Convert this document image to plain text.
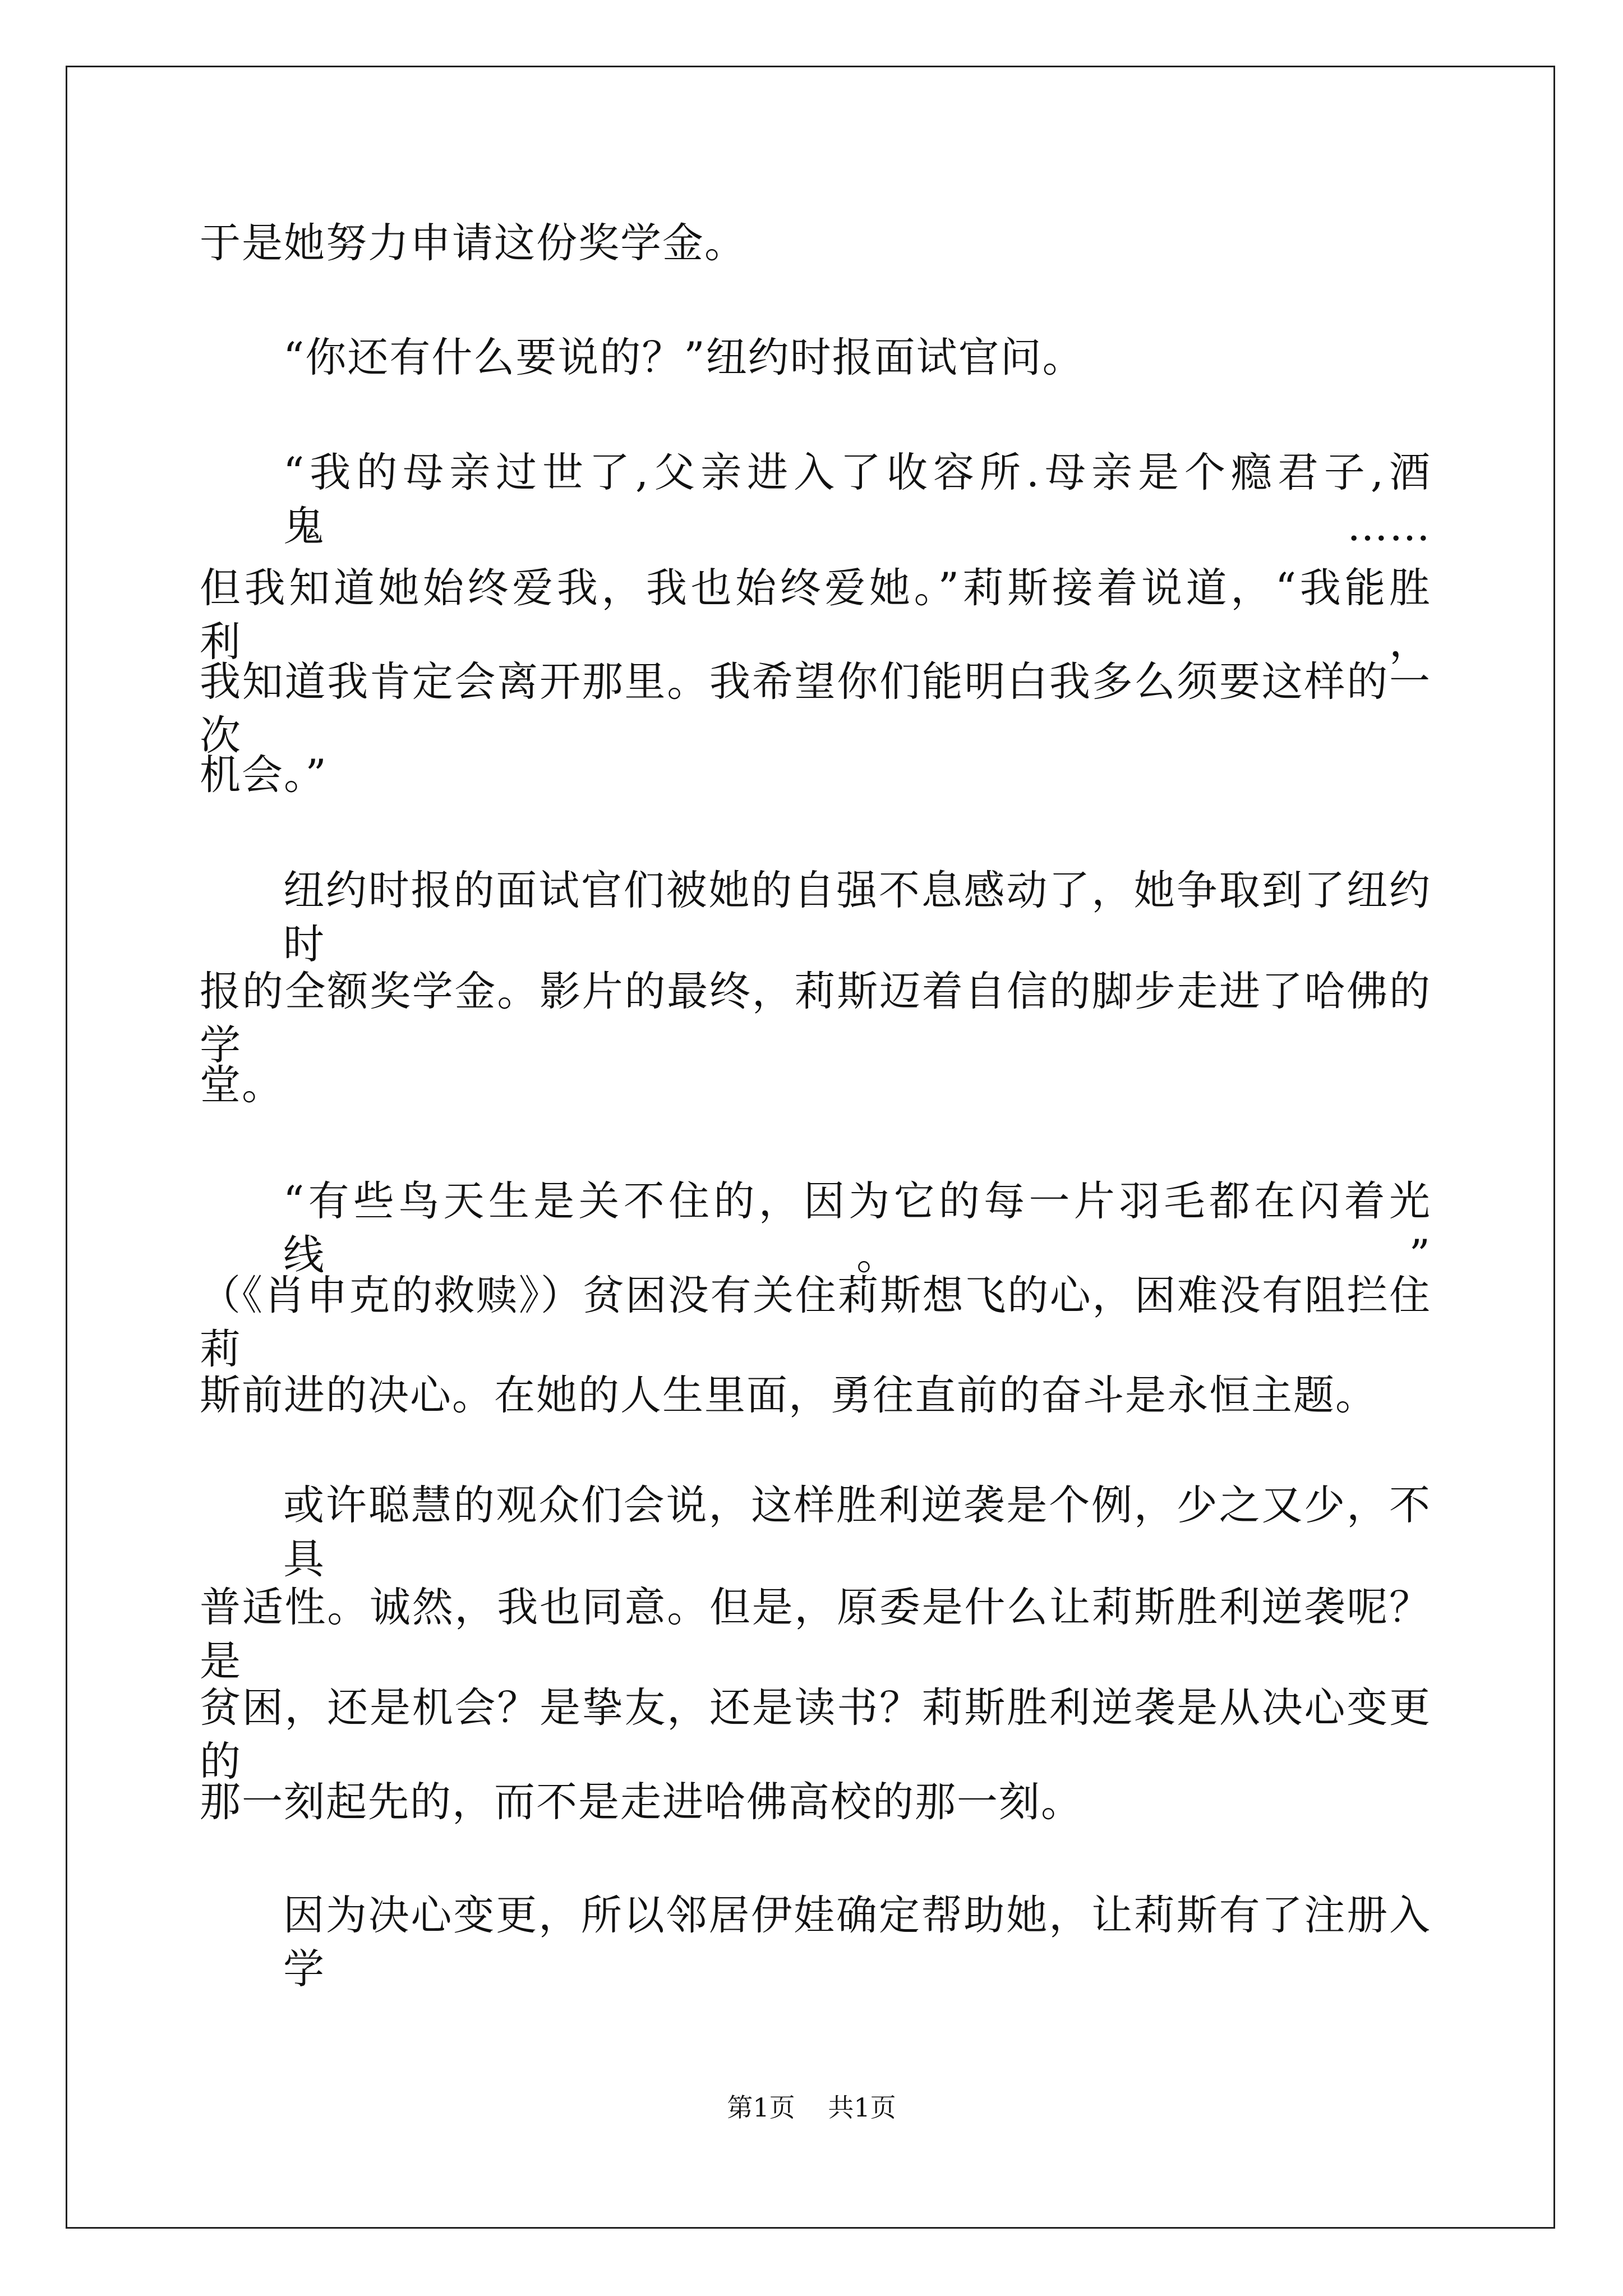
于是她努力申请这份奖学金。
“你还有什么要说的？”纽约时报面试官问。
“我的母亲过世了,父亲进入了收容所.母亲是个瘾君子,酒鬼……
但我知道她始终爱我，我也始终爱她。”莉斯接着说道，“我能胜利，
我知道我肯定会离开那里。我希望你们能明白我多么须要这样的一次
机会。”
纽约时报的面试官们被她的自强不息感动了，她争取到了纽约时
报的全额奖学金。影片的最终，莉斯迈着自信的脚步走进了哈佛的学
堂。
“有些鸟天生是关不住的，因为它的每一片羽毛都在闪着光线。”
（《肖申克的救赎》）贫困没有关住莉斯想飞的心，困难没有阻拦住莉
斯前进的决心。在她的人生里面，勇往直前的奋斗是永恒主题。
或许聪慧的观众们会说，这样胜利逆袭是个例，少之又少，不具
普适性。诚然，我也同意。但是，原委是什么让莉斯胜利逆袭呢？是
贫困，还是机会？是挚友，还是读书？莉斯胜利逆袭是从决心变更的
那一刻起先的，而不是走进哈佛高校的那一刻。
因为决心变更，所以邻居伊娃确定帮助她，让莉斯有了注册入学
第1页 共1页
